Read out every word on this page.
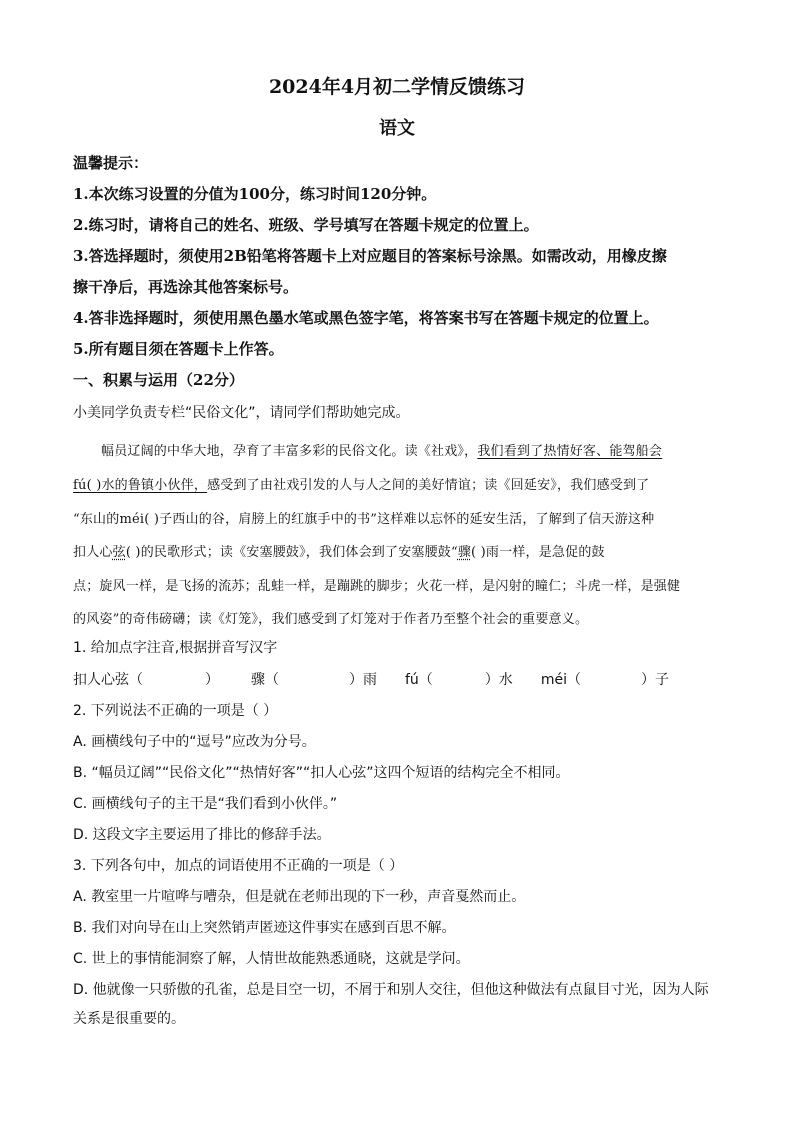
2024年4月初二学情反馈练习
语文
温馨提示：
1.本次练习设置的分值为100分，练习时间120分钟。
2.练习时，请将自己的姓名、班级、学号填写在答题卡规定的位置上。
3.答选择题时，须使用2B铅笔将答题卡上对应题目的答案标号涂黑。如需改动，用橡皮擦
擦干净后，再选涂其他答案标号。
4.答非选择题时，须使用黑色墨水笔或黑色签字笔，将答案书写在答题卡规定的位置上。
5.所有题目须在答题卡上作答。
一、积累与运用（22分）
小美同学负责专栏“民俗文化”，请同学们帮助她完成。
幅员辽阔的中华大地，孕育了丰富多彩的民俗文化。读《社戏》，我们看到了热情好客、能驾船会
fú( )水的鲁镇小伙伴，感受到了由社戏引发的人与人之间的美好情谊；读《回延安》，我们感受到了
“东山的méi( )子西山的谷，肩膀上的红旗手中的书”这样难以忘怀的延安生活，了解到了信天游这种
扣人心弦( )的民歌形式；读《安塞腰鼓》，我们体会到了安塞腰鼓“骤( )雨一样，是急促的鼓
点；旋风一样，是飞扬的流苏；乱蛙一样，是蹦跳的脚步；火花一样，是闪射的瞳仁；斗虎一样，是强健
的风姿”的奇伟磅礴；读《灯笼》，我们感受到了灯笼对于作者乃至整个社会的重要意义。
1. 给加点字注音,根据拼音写汉字
扣人心弦（	） 骤（	）雨 fú（	）水 méi（	）子
2. 下列说法不正确的一项是（ ）
A. 画横线句子中的“逗号”应改为分号。
B. “幅员辽阔”“民俗文化”“热情好客”“扣人心弦”这四个短语的结构完全不相同。
C. 画横线句子的主干是“我们看到小伙伴。”
D. 这段文字主要运用了排比的修辞手法。
3. 下列各句中，加点的词语使用不正确的一项是（ ）
A. 教室里一片喧哗与嘈杂，但是就在老师出现的下一秒，声音戛然而止。
B. 我们对向导在山上突然销声匿迹这件事实在感到百思不解。
C. 世上的事情能洞察了解，人情世故能熟悉通晓，这就是学问。
D. 他就像一只骄傲的孔雀，总是目空一切，不屑于和别人交往，但他这种做法有点鼠目寸光，因为人际
关系是很重要的。
